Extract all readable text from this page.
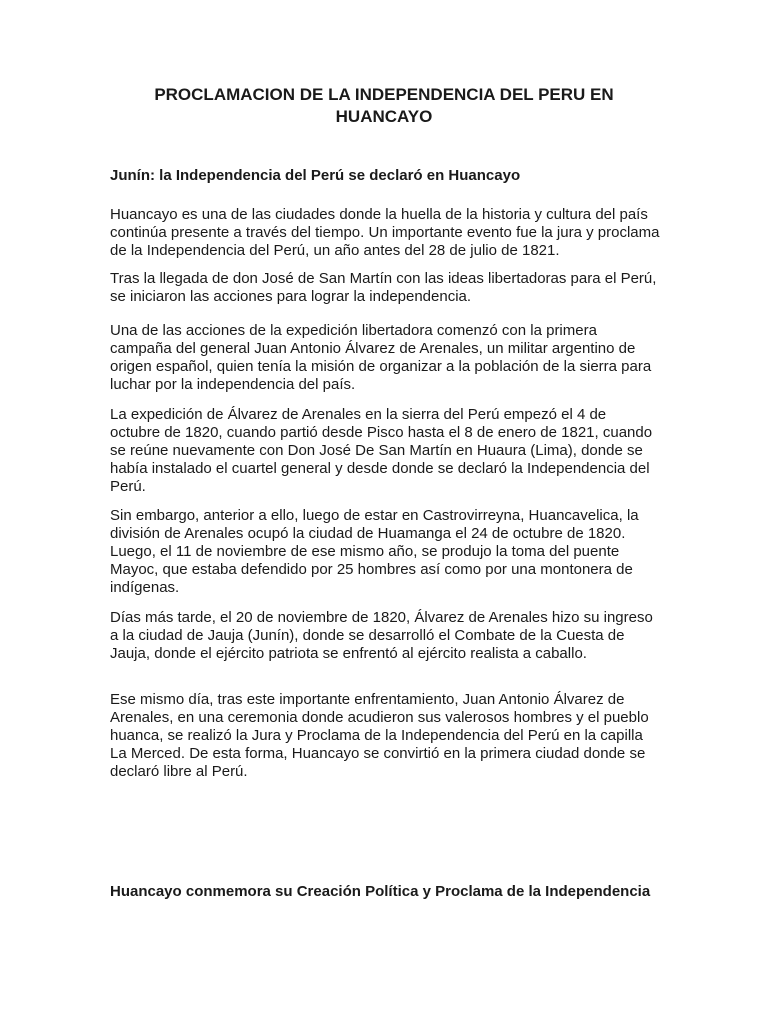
PROCLAMACION DE LA INDEPENDENCIA DEL PERU EN HUANCAYO
Junín: la Independencia del Perú se declaró en Huancayo

Huancayo es una de las ciudades donde la huella de la historia y cultura del país continúa presente a través del tiempo. Un importante evento fue la jura y proclama de la Independencia del Perú, un año antes del 28 de julio de 1821.

Tras la llegada de don José de San Martín con las ideas libertadoras para el Perú, se iniciaron las acciones para lograr la independencia.

Una de las acciones de la expedición libertadora comenzó con la primera campaña del general Juan Antonio Álvarez de Arenales, un militar argentino de origen español, quien tenía la misión de organizar a la población de la sierra para luchar por la independencia del país.

La expedición de Álvarez de Arenales en la sierra del Perú empezó el 4 de octubre de 1820, cuando partió desde Pisco hasta el 8 de enero de 1821, cuando se reúne nuevamente con Don José De San Martín en Huaura (Lima), donde se había instalado el cuartel general y desde donde se declaró la Independencia del Perú.

Sin embargo, anterior a ello, luego de estar en Castrovirreyna, Huancavelica, la división de Arenales ocupó la ciudad de Huamanga el 24 de octubre de 1820. Luego, el 11 de noviembre de ese mismo año, se produjo la toma del puente Mayoc, que estaba defendido por 25 hombres así como por una montonera de indígenas.

Días más tarde, el 20 de noviembre de 1820, Álvarez de Arenales hizo su ingreso a la ciudad de Jauja (Junín), donde se desarrolló el Combate de la Cuesta de Jauja, donde el ejército patriota se enfrentó al ejército realista a caballo.

Ese mismo día, tras este importante enfrentamiento, Juan Antonio Álvarez de Arenales, en una ceremonia donde acudieron sus valerosos hombres y el pueblo huanca, se realizó la Jura y Proclama de la Independencia del Perú en la capilla La Merced. De esta forma, Huancayo se convirtió en la primera ciudad donde se declaró libre al Perú.

Huancayo conmemora su Creación Política y Proclama de la Independencia
